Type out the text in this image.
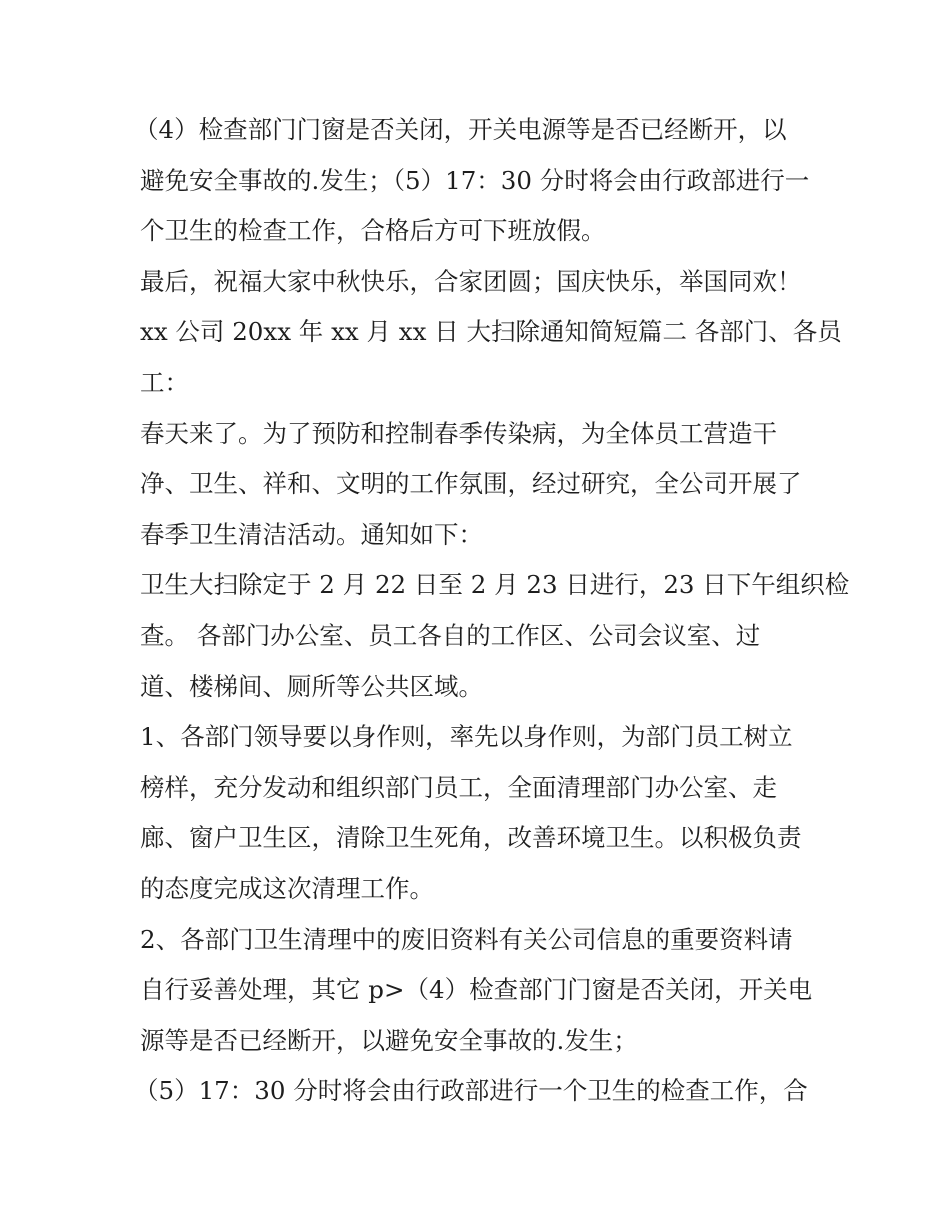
（4）检查部门门窗是否关闭，开关电源等是否已经断开，以
避免安全事故的.发生；（5）17：30 分时将会由行政部进行一
个卫生的检查工作，合格后方可下班放假。
最后，祝福大家中秋快乐，合家团圆；国庆快乐，举国同欢！
xx 公司 20xx 年 xx 月 xx 日 大扫除通知简短篇二 各部门、各员
工：
春天来了。为了预防和控制春季传染病，为全体员工营造干
净、卫生、祥和、文明的工作氛围，经过研究，全公司开展了
春季卫生清洁活动。通知如下：
卫生大扫除定于 2 月 22 日至 2 月 23 日进行，23 日下午组织检
查。 各部门办公室、员工各自的工作区、公司会议室、过
道、楼梯间、厕所等公共区域。
1、各部门领导要以身作则，率先以身作则，为部门员工树立
榜样，充分发动和组织部门员工，全面清理部门办公室、走
廊、窗户卫生区，清除卫生死角，改善环境卫生。以积极负责
的态度完成这次清理工作。
2、各部门卫生清理中的废旧资料有关公司信息的重要资料请
自行妥善处理，其它 p>（4）检查部门门窗是否关闭，开关电
源等是否已经断开，以避免安全事故的.发生；
（5）17：30 分时将会由行政部进行一个卫生的检查工作，合
